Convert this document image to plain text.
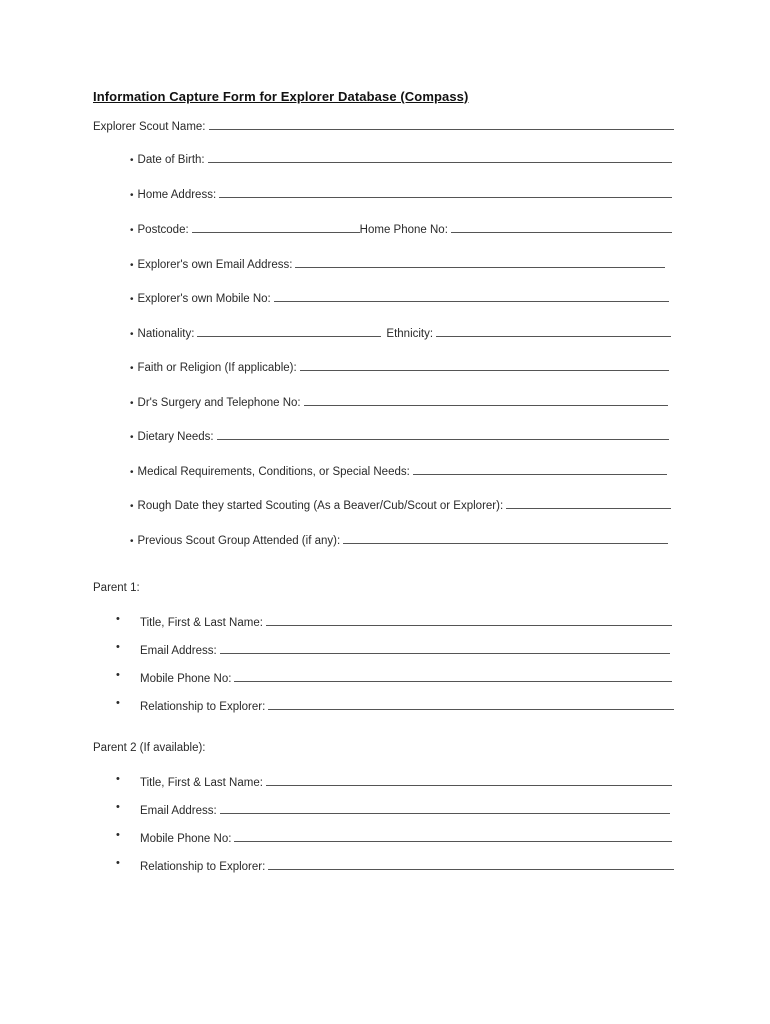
Information Capture Form for Explorer Database (Compass)
Explorer Scout Name:
• Date of Birth:
• Home Address:
• Postcode:	Home Phone No:
• Explorer's own Email Address:
• Explorer's own Mobile No:
• Nationality:	Ethnicity:
• Faith or Religion (If applicable):
• Dr's Surgery and Telephone No:
• Dietary Needs:
• Medical Requirements, Conditions, or Special Needs:
• Rough Date they started Scouting (As a Beaver/Cub/Scout or Explorer):
• Previous Scout Group Attended (if any):
Parent 1:
• Title, First & Last Name:
• Email Address:
• Mobile Phone No:
• Relationship to Explorer:
Parent 2 (If available):
• Title, First & Last Name:
• Email Address:
• Mobile Phone No:
• Relationship to Explorer:
